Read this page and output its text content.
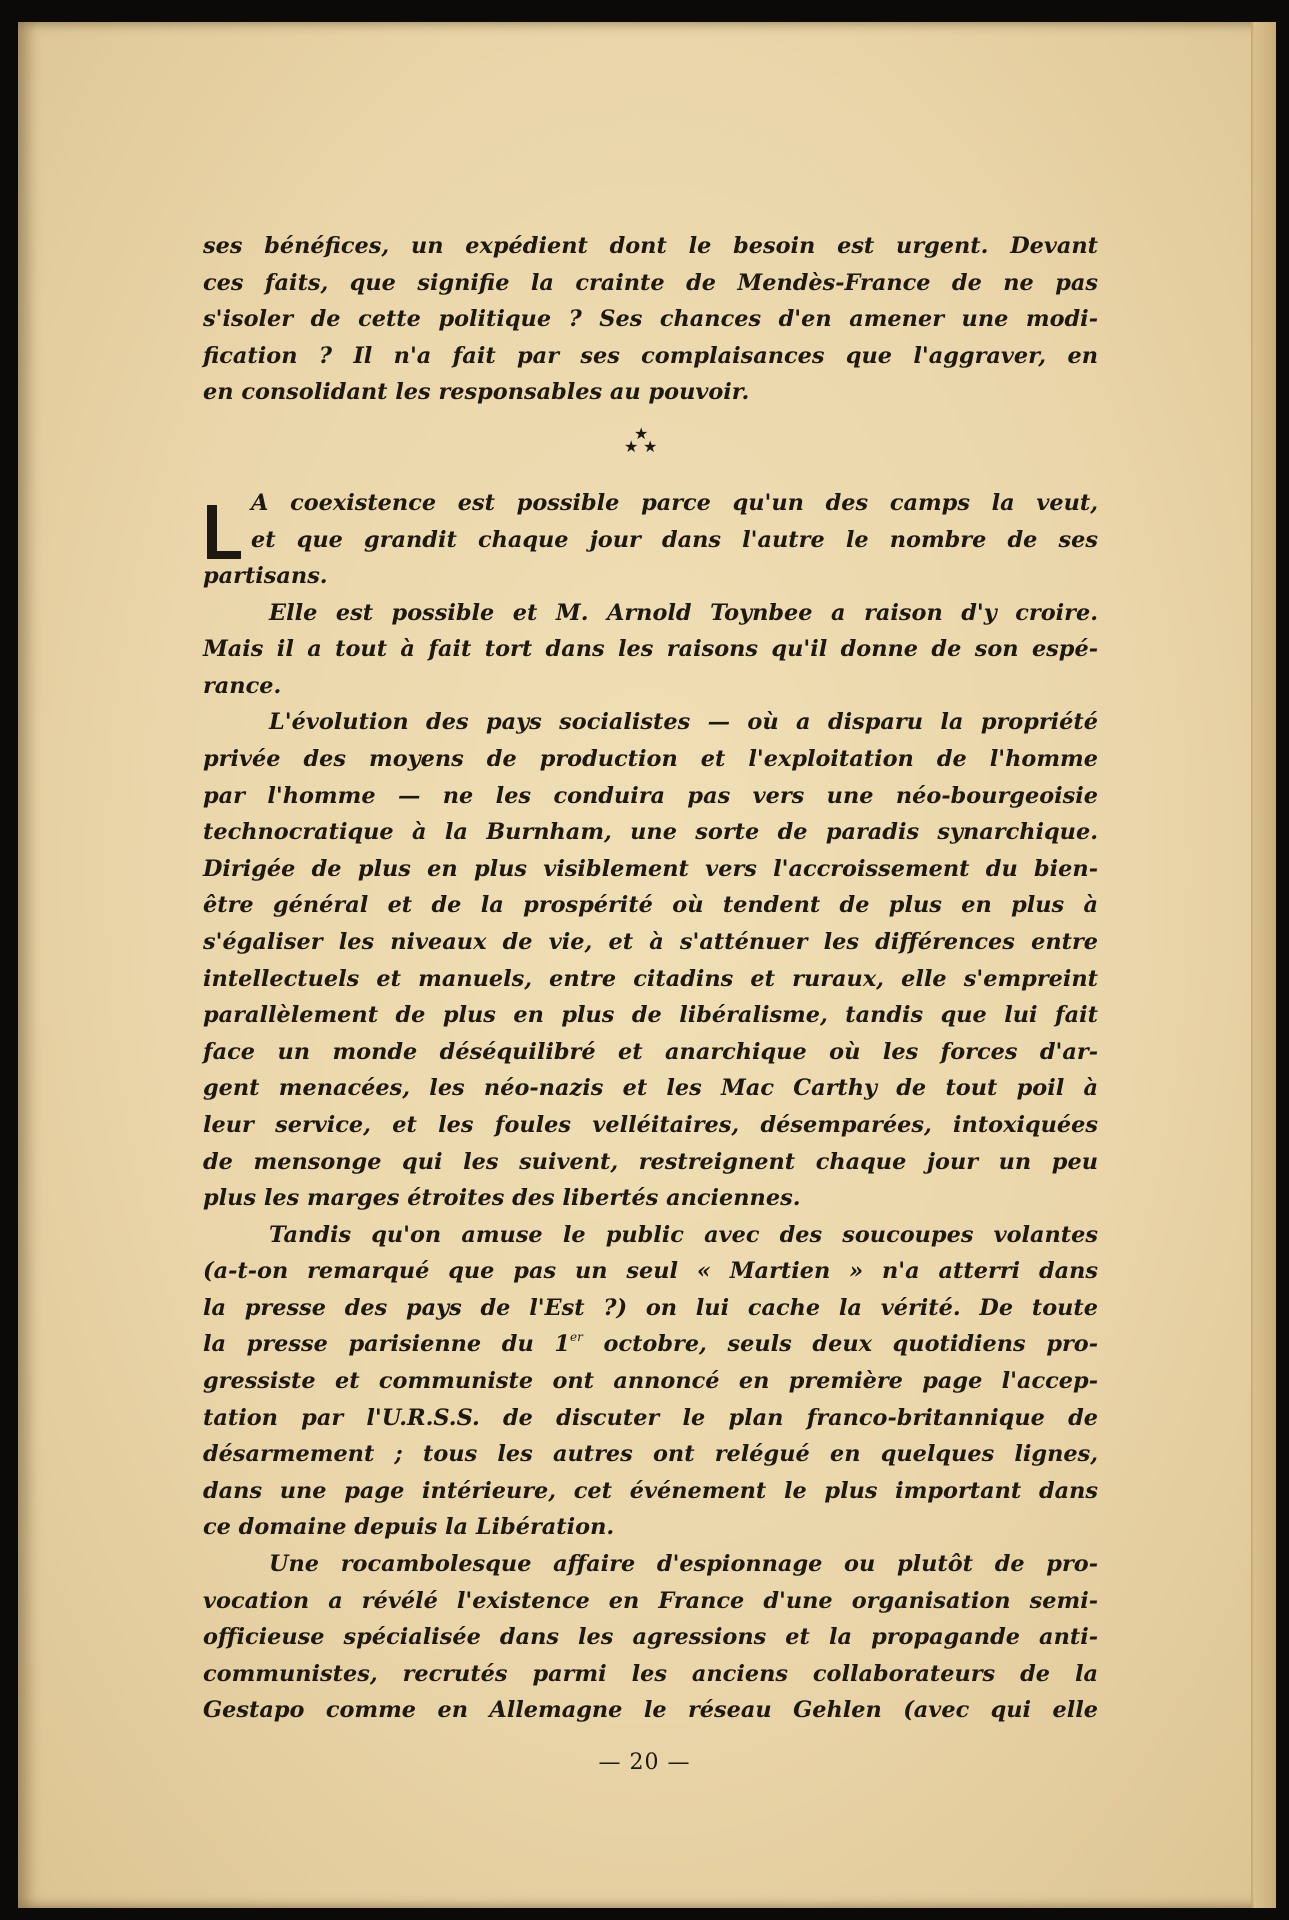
ses bénéfices, un expédient dont le besoin est urgent. Devant

ces faits, que signifie la crainte de Mendès-France de ne pas

s'isoler de cette politique ? Ses chances d'en amener une modi-

fication ? Il n'a fait par ses complaisances que l'aggraver, en

en consolidant les responsables au pouvoir.

★
★ ★

A coexistence est possible parce qu'un des camps la veut,

et que grandit chaque jour dans l'autre le nombre de ses

partisans.

Elle est possible et M. Arnold Toynbee a raison d'y croire.

Mais il a tout à fait tort dans les raisons qu'il donne de son espé-

rance.

L'évolution des pays socialistes — où a disparu la propriété

privée des moyens de production et l'exploitation de l'homme

par l'homme — ne les conduira pas vers une néo-bourgeoisie

technocratique à la Burnham, une sorte de paradis synarchique.

Dirigée de plus en plus visiblement vers l'accroissement du bien-

être général et de la prospérité où tendent de plus en plus à

s'égaliser les niveaux de vie, et à s'atténuer les différences entre

intellectuels et manuels, entre citadins et ruraux, elle s'empreint

parallèlement de plus en plus de libéralisme, tandis que lui fait

face un monde déséquilibré et anarchique où les forces d'ar-

gent menacées, les néo-nazis et les Mac Carthy de tout poil à

leur service, et les foules velléitaires, désemparées, intoxiquées

de mensonge qui les suivent, restreignent chaque jour un peu

plus les marges étroites des libertés anciennes.

Tandis qu'on amuse le public avec des soucoupes volantes

(a-t-on remarqué que pas un seul « Martien » n'a atterri dans

la presse des pays de l'Est ?) on lui cache la vérité. De toute

la presse parisienne du 1er octobre, seuls deux quotidiens pro-

gressiste et communiste ont annoncé en première page l'accep-

tation par l'U.R.S.S. de discuter le plan franco-britannique de

désarmement ; tous les autres ont relégué en quelques lignes,

dans une page intérieure, cet événement le plus important dans

ce domaine depuis la Libération.

Une rocambolesque affaire d'espionnage ou plutôt de pro-

vocation a révélé l'existence en France d'une organisation semi-

officieuse spécialisée dans les agressions et la propagande anti-

communistes, recrutés parmi les anciens collaborateurs de la

Gestapo comme en Allemagne le réseau Gehlen (avec qui elle

— 20 —
